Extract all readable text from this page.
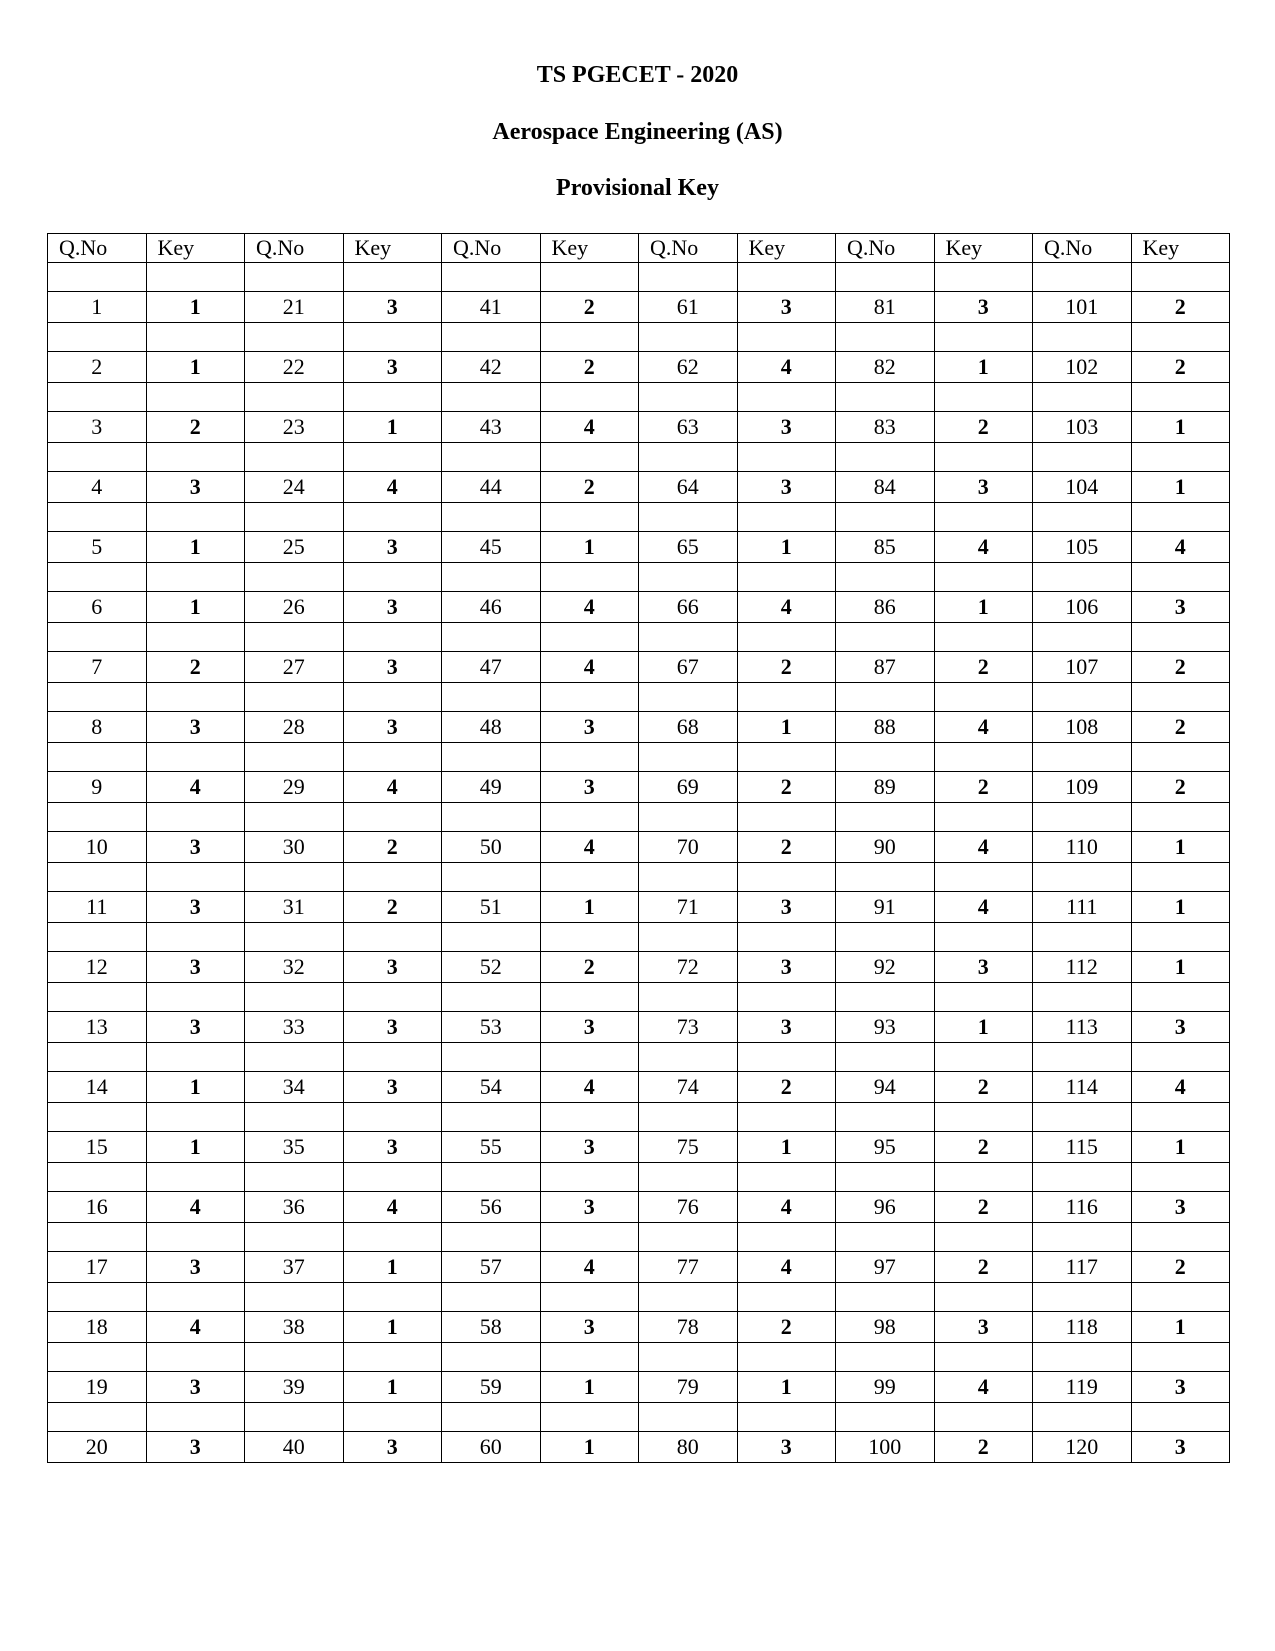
TS PGECET - 2020
Aerospace Engineering (AS)
Provisional Key
Q.No	Key	Q.No	Key	Q.No	Key	Q.No	Key	Q.No	Key	Q.No	Key

1	1	21	3	41	2	61	3	81	3	101	2

2	1	22	3	42	2	62	4	82	1	102	2

3	2	23	1	43	4	63	3	83	2	103	1

4	3	24	4	44	2	64	3	84	3	104	1

5	1	25	3	45	1	65	1	85	4	105	4

6	1	26	3	46	4	66	4	86	1	106	3

7	2	27	3	47	4	67	2	87	2	107	2

8	3	28	3	48	3	68	1	88	4	108	2

9	4	29	4	49	3	69	2	89	2	109	2

10	3	30	2	50	4	70	2	90	4	110	1

11	3	31	2	51	1	71	3	91	4	111	1

12	3	32	3	52	2	72	3	92	3	112	1

13	3	33	3	53	3	73	3	93	1	113	3

14	1	34	3	54	4	74	2	94	2	114	4

15	1	35	3	55	3	75	1	95	2	115	1

16	4	36	4	56	3	76	4	96	2	116	3

17	3	37	1	57	4	77	4	97	2	117	2

18	4	38	1	58	3	78	2	98	3	118	1

19	3	39	1	59	1	79	1	99	4	119	3

20	3	40	3	60	1	80	3	100	2	120	3
